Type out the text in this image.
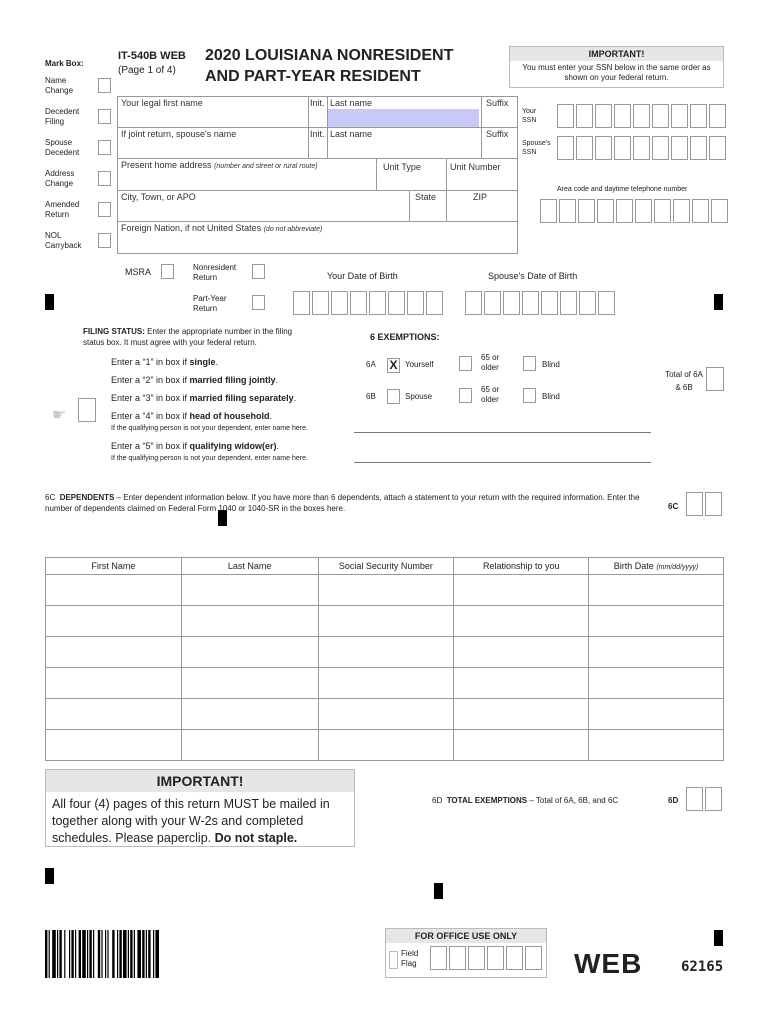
Mark Box:
Name Change
Decedent Filing
Spouse Decedent
Address Change
Amended Return
NOL Carryback
IT-540B WEB
(Page 1 of 4)
2020 LOUISIANA NONRESIDENT
AND PART-YEAR RESIDENT
IMPORTANT!
You must enter your SSN below in the same order as shown on your federal return.
Your legal first name	Init. Last name	Suffix
If joint return, spouse's name	Init. Last name	Suffix
Present home address (number and street or rural route)	Unit Type	Unit Number
City, Town, or APO	State	ZIP
Foreign Nation, if not United States (do not abbreviate)
Your SSN
Spouse's SSN
Area code and daytime telephone number
MSRA	Nonresident Return
Part-Year Return
Your Date of Birth	Spouse's Date of Birth
FILING STATUS: Enter the appropriate number in the filing status box. It must agree with your federal return.
Enter a “1” in box if single.
Enter a “2” in box if married filing jointly.
Enter a “3” in box if married filing separately.
Enter a “4” in box if head of household.
Enter a “5” in box if qualifying widow(er).
☛
If the qualifying person is not your dependent, enter name here.
If the qualifying person is not your dependent, enter name here.
6 EXEMPTIONS:
6A X Yourself
65 or older	Blind
6B	Spouse
65 or older	Blind
Total of 6A & 6B
6C DEPENDENTS – Enter dependent information below. If you have more than 6 dependents, attach a statement to your return with the required information. Enter the number of dependents claimed on Federal Form 1040 or 1040-SR in the boxes here.	6C
First Name	Last Name	Social Security Number	Relationship to you	Birth Date (mm/dd/yyyy)

IMPORTANT!
All four (4) pages of this return MUST be mailed in together along with your W-2s and completed schedules. Please paperclip. Do not staple.
6D TOTAL EXEMPTIONS – Total of 6A, 6B, and 6C	6D
FOR OFFICE USE ONLY
Field Flag	WEB	62165
